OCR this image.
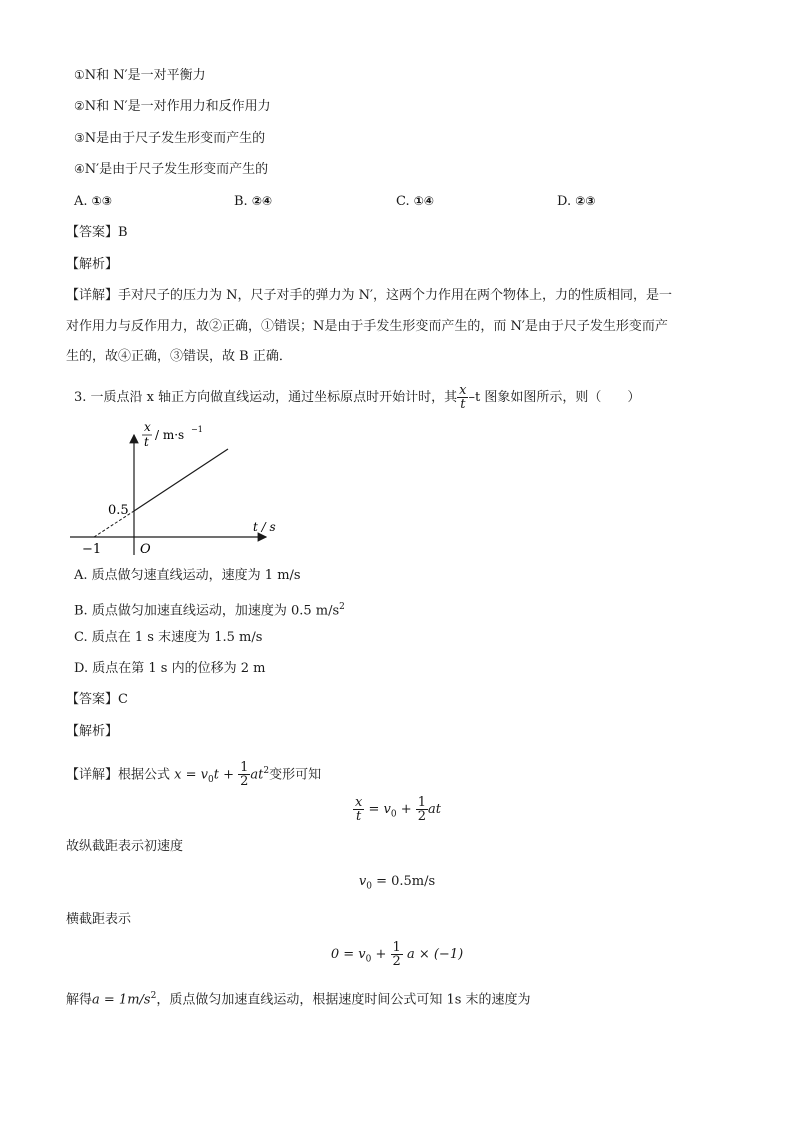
①N和 N′是一对平衡力
②N和 N′是一对作用力和反作用力
③N是由于尺子发生形变而产生的
④N′是由于尺子发生形变而产生的
A. ①③	B. ②④	C. ①④	D. ②③
【答案】B
【解析】
【详解】手对尺子的压力为 N，尺子对手的弹力为 N′，这两个力作用在两个物体上，力的性质相同，是一
对作用力与反作用力，故②正确，①错误；N是由于手发生形变而产生的，而 N′是由于尺子发生形变而产
生的，故④正确，③错误，故 B 正确．
3. 一质点沿 x 轴正方向做直线运动，通过坐标原点时开始计时，其 $\frac{x}{t} -t$ 图象如图所示，则（　　）
x
t / m·s −1
t / s
0.5
−1	O
A. 质点做匀速直线运动，速度为 1 m/s
B. 质点做匀加速直线运动，加速度为 0.5 $m/s^2$
C. 质点在 1 s 末速度为 1.5 m/s
D. 质点在第 1 s 内的位移为 2 m
【答案】C
【解析】
【详解】根据公式 $x = v_0t + \frac{1}{2} at^2$变形可知
$\frac{x}{t} = v_0 + \frac{1}{2}$ at
故纵截距表示初速度
$v_0 = 0.5m/s$
横截距表示
$0 = v_0 + \frac{1}{2}$ a × (−1)
解得$a = 1m/s^2$，质点做匀加速直线运动，根据速度时间公式可知 1s 末的速度为
